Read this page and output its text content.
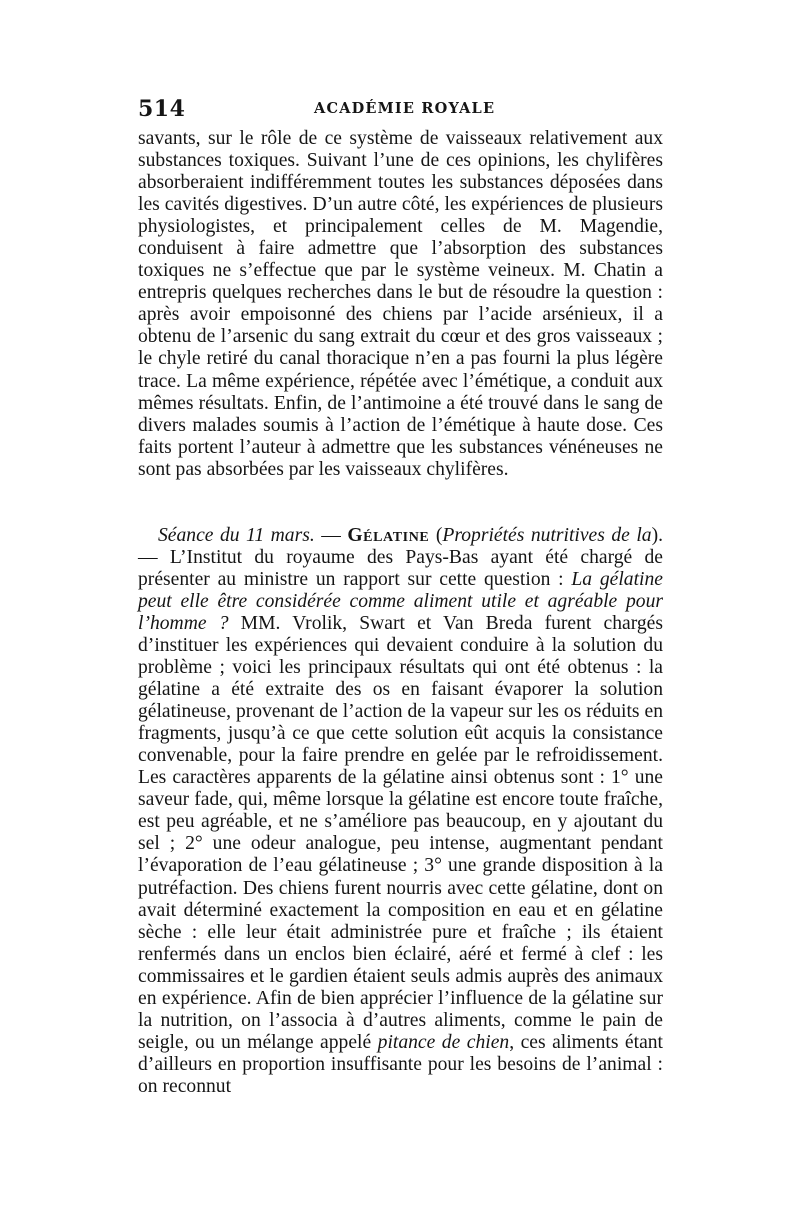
514	ACADÉMIE ROYALE

savants, sur le rôle de ce système de vaisseaux relativement aux substances toxiques. Suivant l’une de ces opinions, les chylifères absorberaient indifféremment toutes les substances déposées dans les cavités digestives. D’un autre côté, les expériences de plusieurs physiologistes, et principalement celles de M. Magendie, conduisent à faire admettre que l’absorption des substances toxiques ne s’effectue que par le système veineux. M. Chatin a entrepris quelques recherches dans le but de résoudre la question : après avoir empoisonné des chiens par l’acide arsénieux, il a obtenu de l’arsenic du sang extrait du cœur et des gros vaisseaux ; le chyle retiré du canal thoracique n’en a pas fourni la plus légère trace. La même expérience, répétée avec l’émétique, a conduit aux mêmes résultats. Enfin, de l’antimoine a été trouvé dans le sang de divers malades soumis à l’action de l’émétique à haute dose. Ces faits portent l’auteur à admettre que les substances vénéneuses ne sont pas absorbées par les vaisseaux chylifères.

Séance du 11 mars. — Gélatine (Propriétés nutritives de la). — L’Institut du royaume des Pays-Bas ayant été chargé de présenter au ministre un rapport sur cette question : La gélatine peut elle être considérée comme aliment utile et agréable pour l’homme ? MM. Vrolik, Swart et Van Breda furent chargés d’instituer les expériences qui devaient conduire à la solution du problème ; voici les principaux résultats qui ont été obtenus : la gélatine a été extraite des os en faisant évaporer la solution gélatineuse, provenant de l’action de la vapeur sur les os réduits en fragments, jusqu’à ce que cette solution eût acquis la consistance convenable, pour la faire prendre en gelée par le refroidissement. Les caractères apparents de la gélatine ainsi obtenus sont : 1° une saveur fade, qui, même lorsque la gélatine est encore toute fraîche, est peu agréable, et ne s’améliore pas beaucoup, en y ajoutant du sel ; 2° une odeur analogue, peu intense, augmentant pendant l’évaporation de l’eau gélatineuse ; 3° une grande disposition à la putréfaction. Des chiens furent nourris avec cette gélatine, dont on avait déterminé exactement la composition en eau et en gélatine sèche : elle leur était administrée pure et fraîche ; ils étaient renfermés dans un enclos bien éclairé, aéré et fermé à clef : les commissaires et le gardien étaient seuls admis auprès des animaux en expérience. Afin de bien apprécier l’influence de la gélatine sur la nutrition, on l’associa à d’autres aliments, comme le pain de seigle, ou un mélange appelé pitance de chien, ces aliments étant d’ailleurs en proportion insuffisante pour les besoins de l’animal : on reconnut
